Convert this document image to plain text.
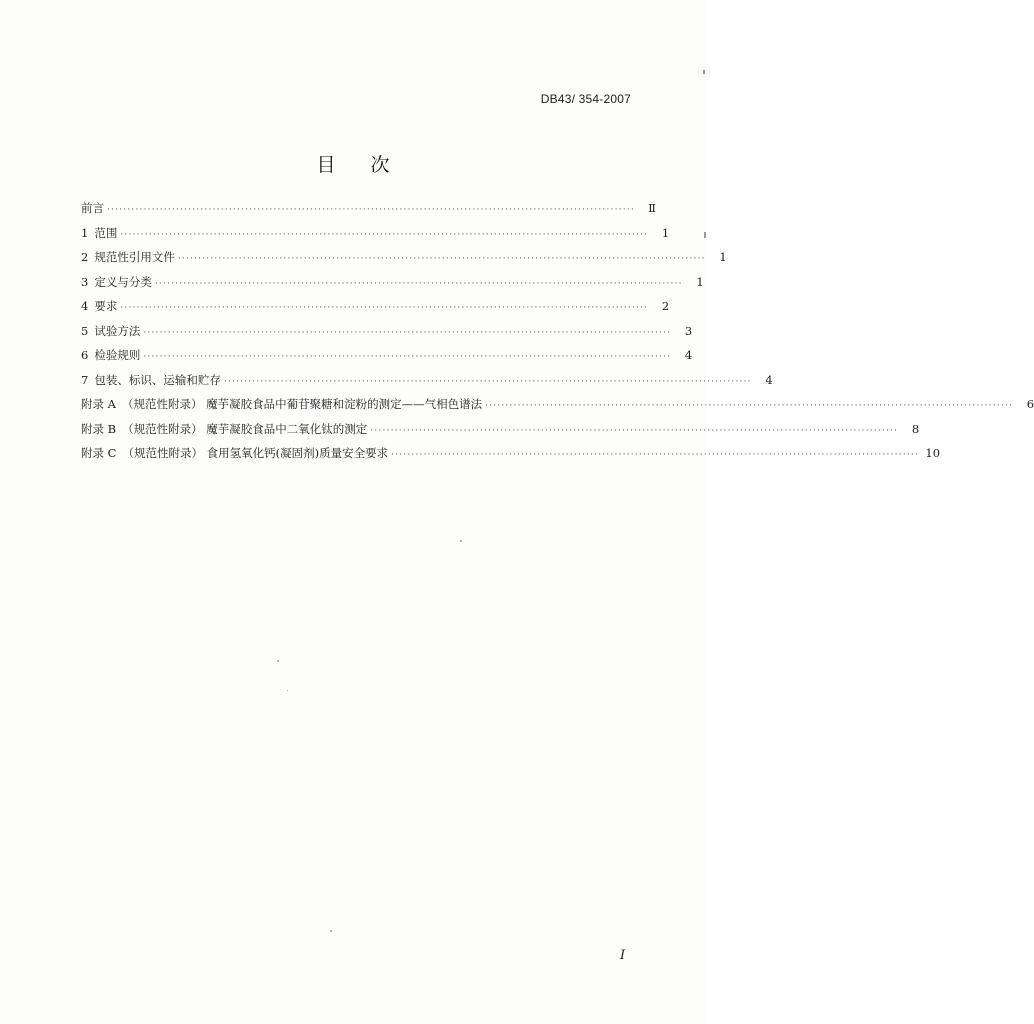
DB43/ 354-2007
目 次
前言 ··································································································································	Ⅱ
1 范围 ··································································································································	1
2 规范性引用文件 ··································································································································	1
3 定义与分类 ··································································································································	1
4 要求 ··································································································································	2
5 试验方法 ··································································································································	3
6 检验规则 ··································································································································	4
7 包装、标识、运输和贮存 ··································································································································	4
附录 A （规范性附录） 魔芋凝胶食品中葡苷聚糖和淀粉的测定——气相色谱法 ··································································································································	6
附录 B （规范性附录） 魔芋凝胶食品中二氧化钛的测定 ··································································································································	8
附录 C （规范性附录） 食用氢氧化钙(凝固剂)质量安全要求 ·································································································································· 10
I
